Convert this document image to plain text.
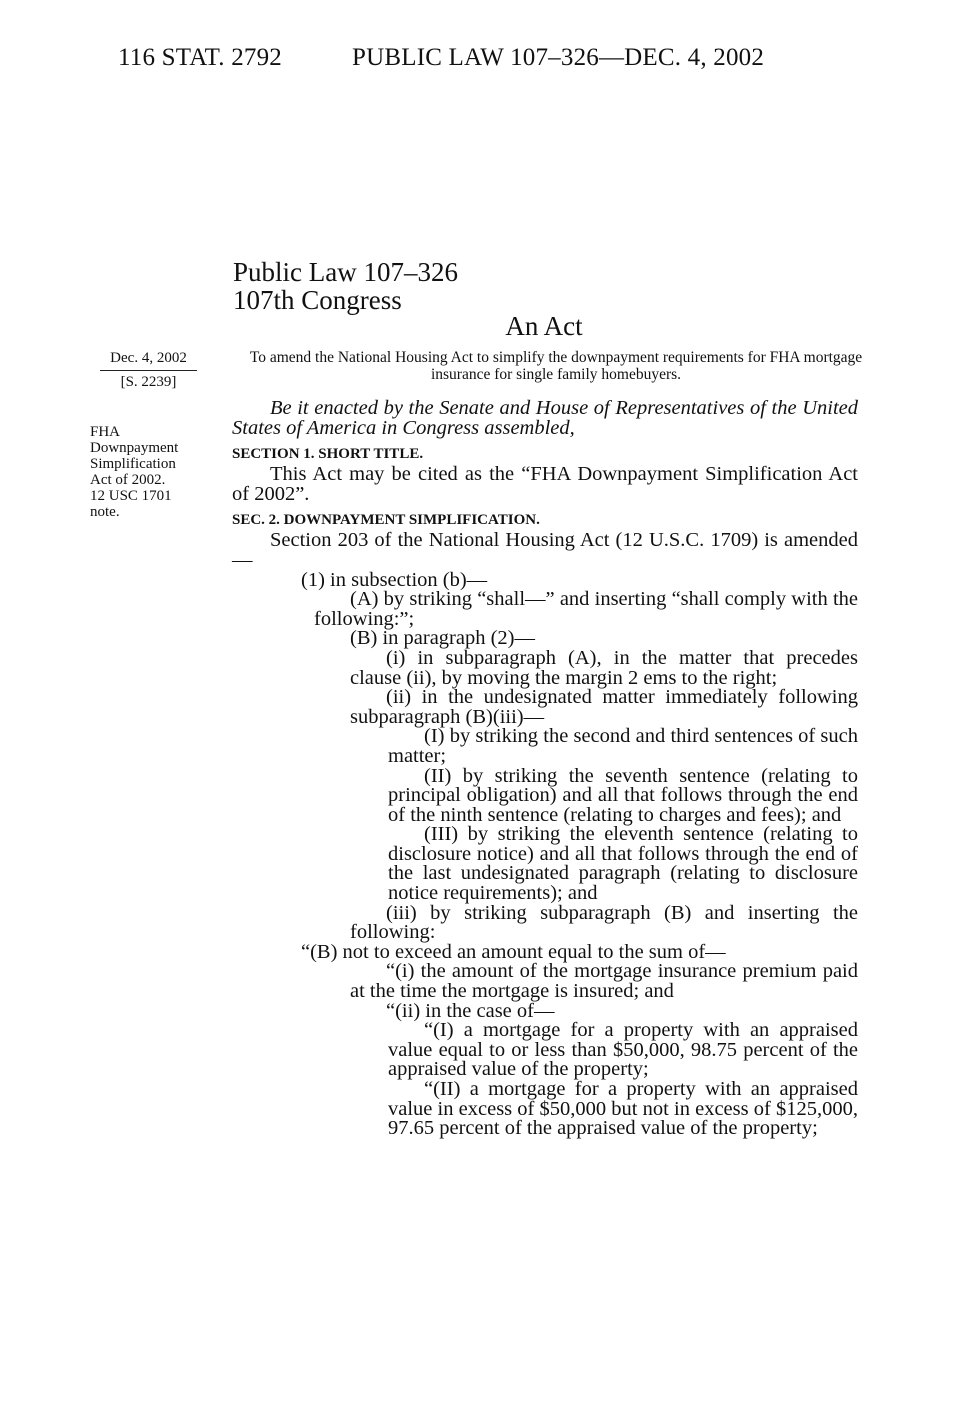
116 STAT. 2792	PUBLIC LAW 107–326—DEC. 4, 2002
Public Law 107–326
107th Congress
An Act
Dec. 4, 2002
[S. 2239]
FHA
Downpayment
Simplification
Act of 2002.
12 USC 1701
note.
To amend the National Housing Act to simplify the downpayment requirements for FHA mortgage insurance for single family homebuyers.

Be it enacted by the Senate and House of Representatives of the United States of America in Congress assembled,

SECTION 1. SHORT TITLE.

This Act may be cited as the “FHA Downpayment Simplification Act of 2002”.

SEC. 2. DOWNPAYMENT SIMPLIFICATION.

Section 203 of the National Housing Act (12 U.S.C. 1709) is amended—

(1) in subsection (b)—

(A) by striking “shall—” and inserting “shall comply with the following:”;

(B) in paragraph (2)—

(i) in subparagraph (A), in the matter that precedes clause (ii), by moving the margin 2 ems to the right;

(ii) in the undesignated matter immediately following subparagraph (B)(iii)—

(I) by striking the second and third sentences of such matter;

(II) by striking the seventh sentence (relating to principal obligation) and all that follows through the end of the ninth sentence (relating to charges and fees); and

(III) by striking the eleventh sentence (relating to disclosure notice) and all that follows through the end of the last undesignated paragraph (relating to disclosure notice requirements); and

(iii) by striking subparagraph (B) and inserting the following:

“(B) not to exceed an amount equal to the sum of—

“(i) the amount of the mortgage insurance premium paid at the time the mortgage is insured; and

“(ii) in the case of—

“(I) a mortgage for a property with an appraised value equal to or less than $50,000, 98.75 percent of the appraised value of the property;

“(II) a mortgage for a property with an appraised value in excess of $50,000 but not in excess of $125,000, 97.65 percent of the appraised value of the property;
